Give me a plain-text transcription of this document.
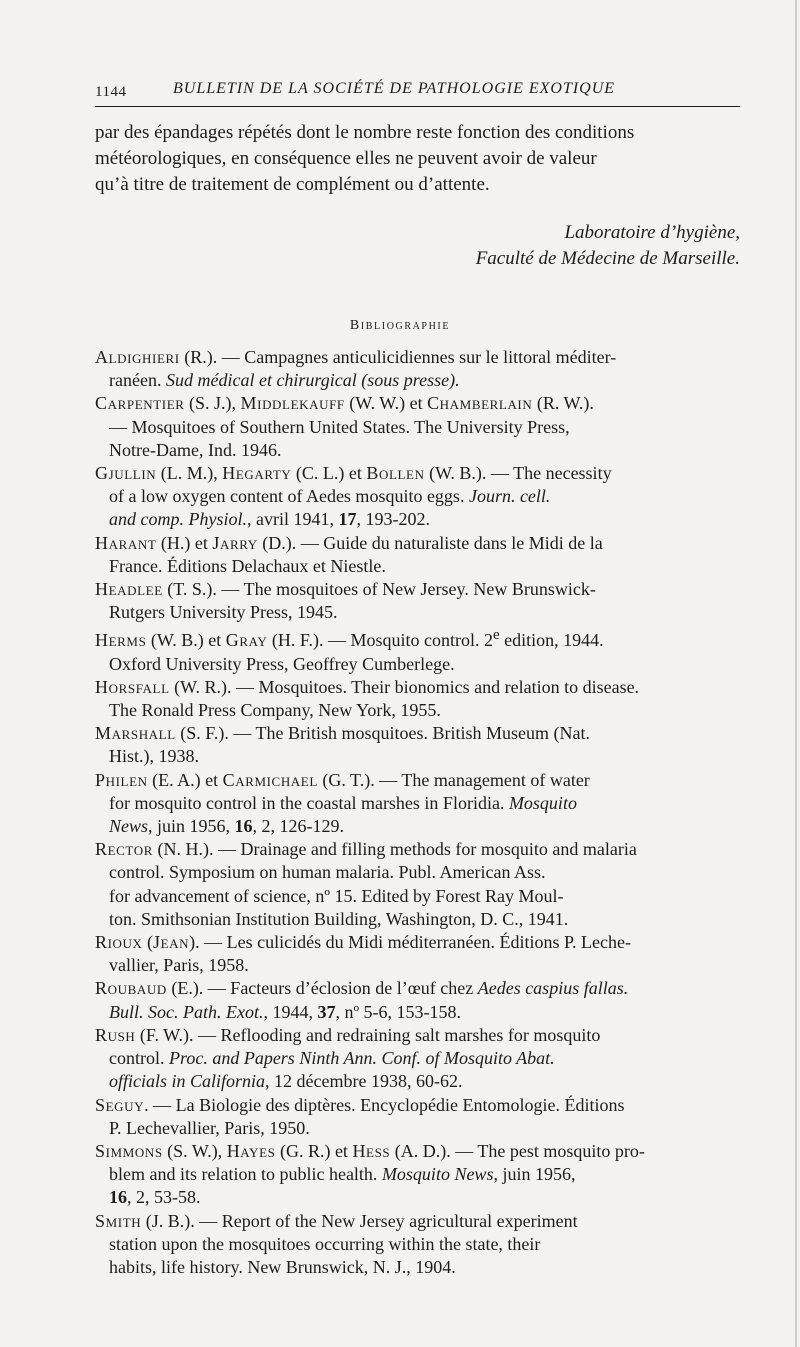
1144	BULLETIN DE LA SOCIÉTÉ DE PATHOLOGIE EXOTIQUE
par des épandages répétés dont le nombre reste fonction des conditions
météorologiques, en conséquence elles ne peuvent avoir de valeur
qu’à titre de traitement de complément ou d’attente.
Laboratoire d’hygiène,
Faculté de Médecine de Marseille.
Bibliographie

Aldighieri (R.). — Campagnes anticulicidiennes sur le littoral méditer-
ranéen. Sud médical et chirurgical (sous presse).

Carpentier (S. J.), Middlekauff (W. W.) et Chamberlain (R. W.).
— Mosquitoes of Southern United States. The University Press,
Notre-Dame, Ind. 1946.

Gjullin (L. M.), Hegarty (C. L.) et Bollen (W. B.). — The necessity
of a low oxygen content of Aedes mosquito eggs. Journ. cell.
and comp. Physiol., avril 1941, 17, 193-202.

Harant (H.) et Jarry (D.). — Guide du naturaliste dans le Midi de la
France. Éditions Delachaux et Niestle.

Headlee (T. S.). — The mosquitoes of New Jersey. New Brunswick-
Rutgers University Press, 1945.

Herms (W. B.) et Gray (H. F.). — Mosquito control. 2e edition, 1944.
Oxford University Press, Geoffrey Cumberlege.

Horsfall (W. R.). — Mosquitoes. Their bionomics and relation to disease.
The Ronald Press Company, New York, 1955.

Marshall (S. F.). — The British mosquitoes. British Museum (Nat.
Hist.), 1938.

Philen (E. A.) et Carmichael (G. T.). — The management of water
for mosquito control in the coastal marshes in Floridia. Mosquito
News, juin 1956, 16, 2, 126-129.

Rector (N. H.). — Drainage and filling methods for mosquito and malaria
control. Symposium on human malaria. Publ. American Ass.
for advancement of science, nº 15. Edited by Forest Ray Moul-
ton. Smithsonian Institution Building, Washington, D. C., 1941.

Rioux (Jean). — Les culicidés du Midi méditerranéen. Éditions P. Leche-
vallier, Paris, 1958.

Roubaud (E.). — Facteurs d’éclosion de l’œuf chez Aedes caspius fallas.
Bull. Soc. Path. Exot., 1944, 37, nº 5-6, 153-158.

Rush (F. W.). — Reflooding and redraining salt marshes for mosquito
control. Proc. and Papers Ninth Ann. Conf. of Mosquito Abat.
officials in California, 12 décembre 1938, 60-62.

Seguy. — La Biologie des diptères. Encyclopédie Entomologie. Éditions
P. Lechevallier, Paris, 1950.

Simmons (S. W.), Hayes (G. R.) et Hess (A. D.). — The pest mosquito pro-
blem and its relation to public health. Mosquito News, juin 1956,
16, 2, 53-58.

Smith (J. B.). — Report of the New Jersey agricultural experiment
station upon the mosquitoes occurring within the state, their
habits, life history. New Brunswick, N. J., 1904.
